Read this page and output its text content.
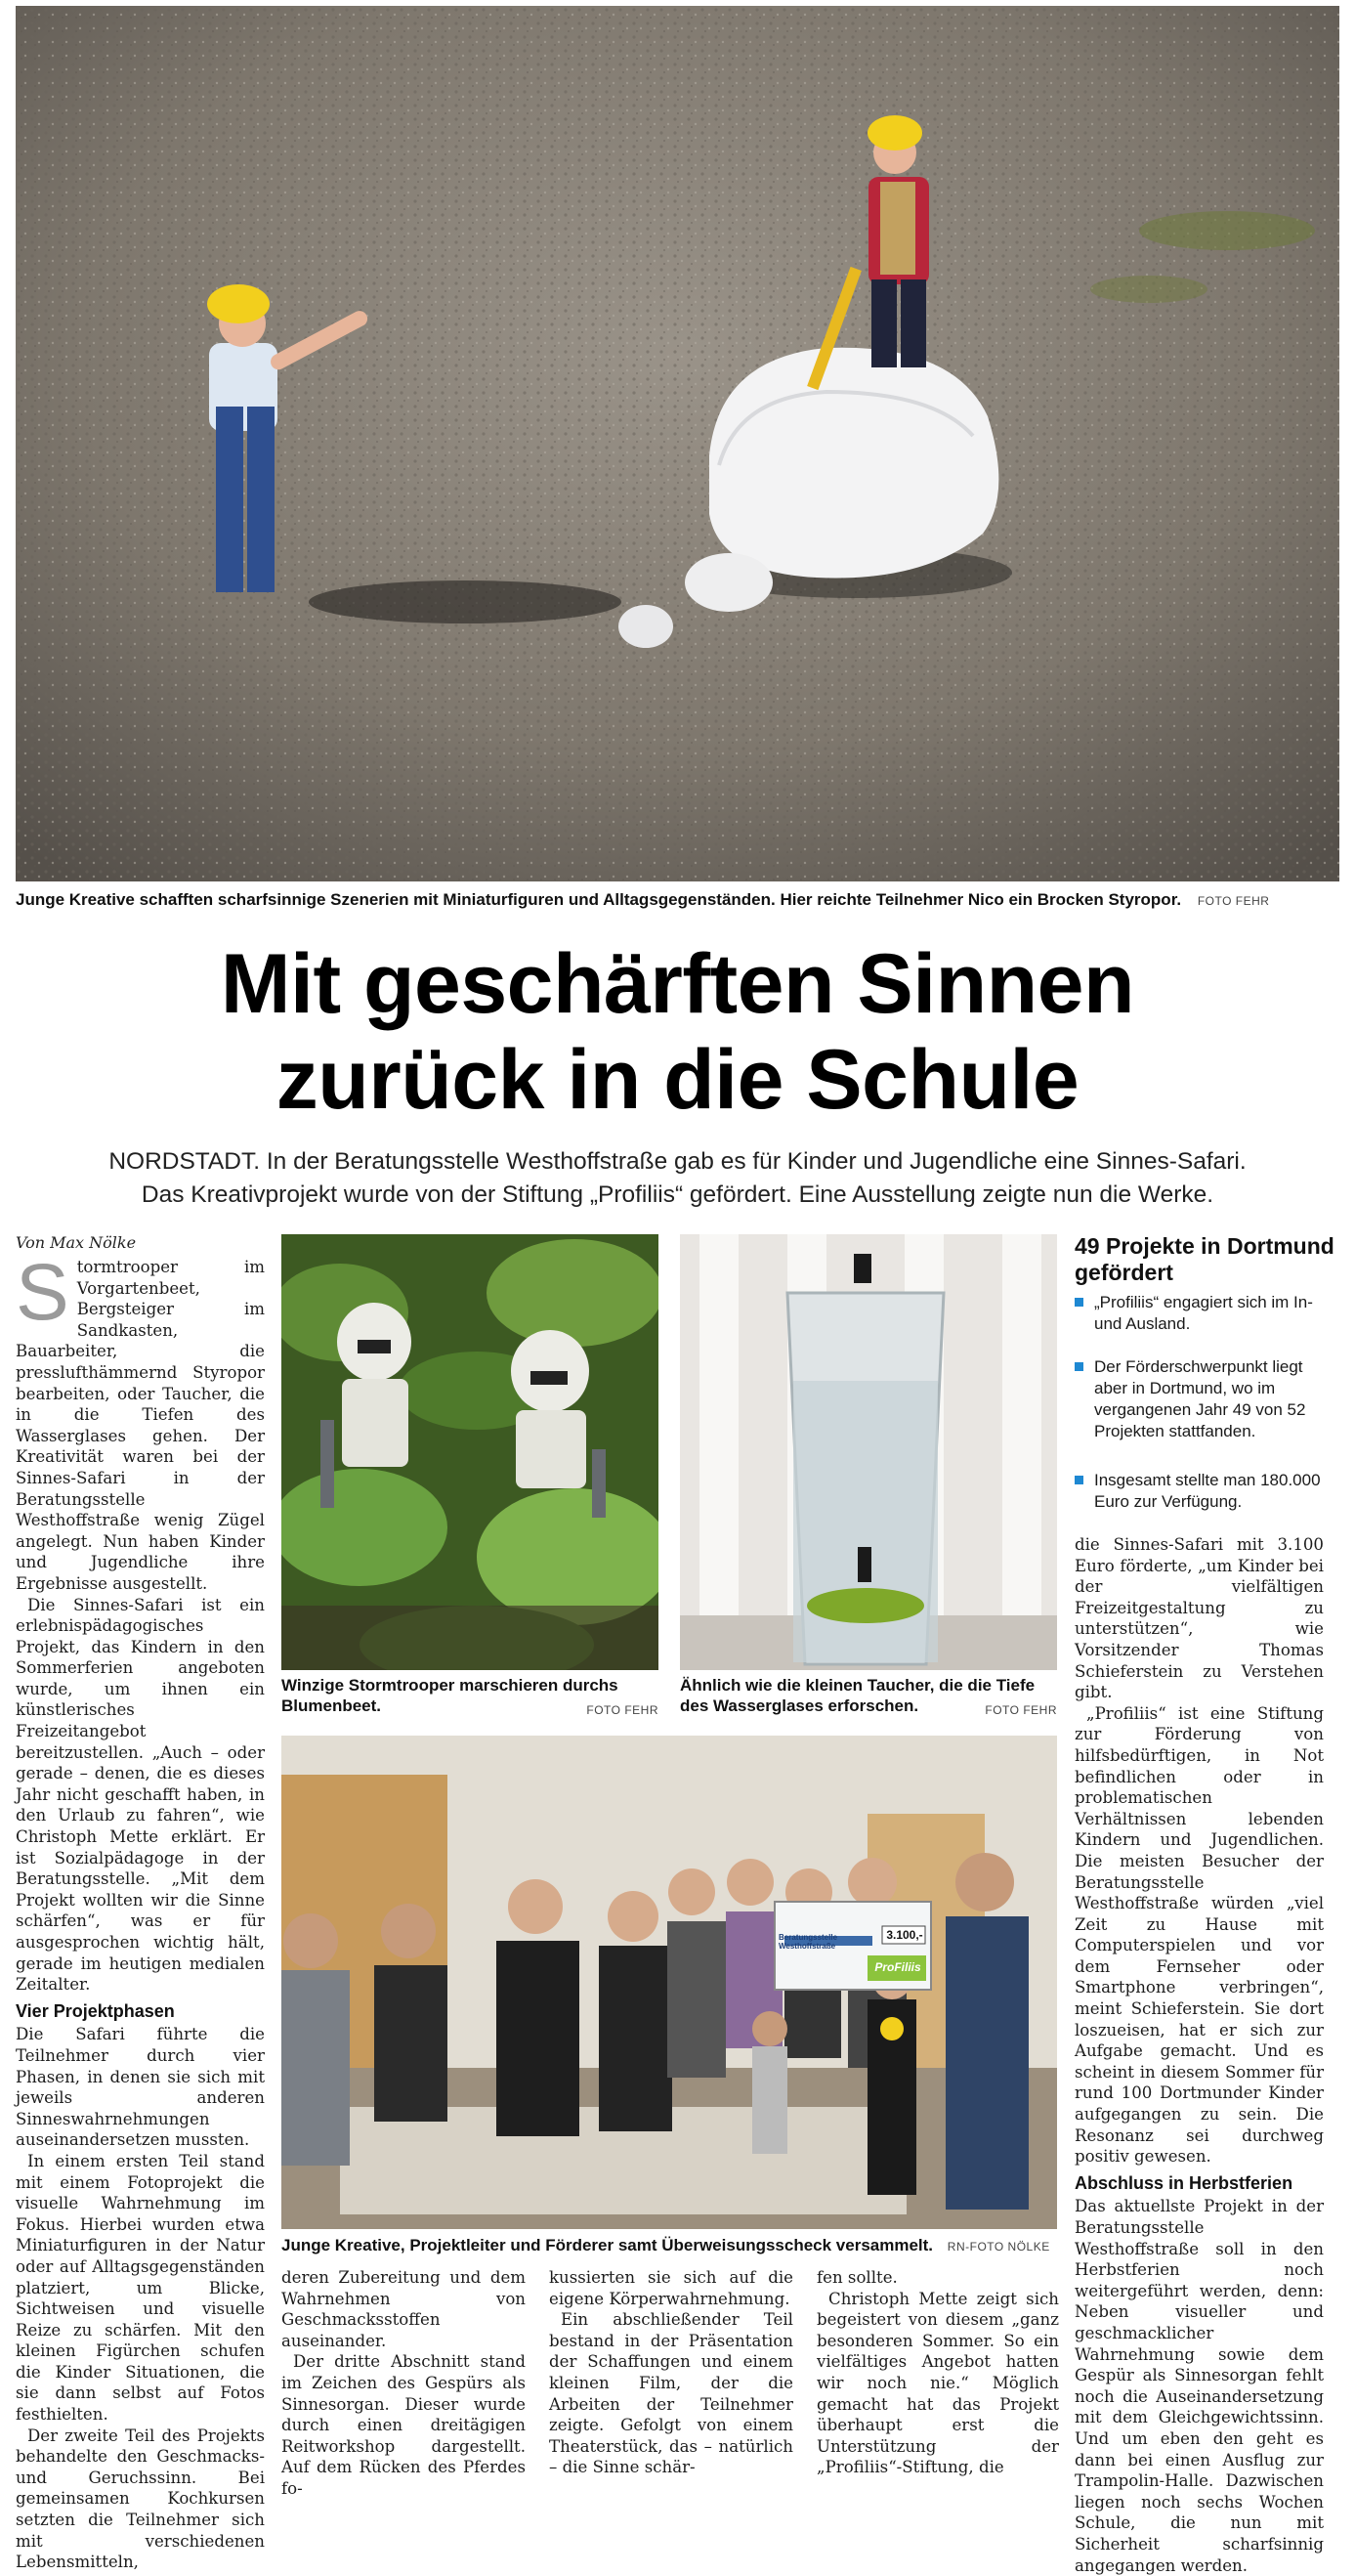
Junge Kreative schafften scharfsinnige Szenerien mit Miniaturfiguren und Alltagsgegenständen. Hier reichte Teilnehmer Nico ein Brocken Styropor. FOTO FEHR
Mit geschärften Sinnen
zurück in die Schule
NORDSTADT. In der Beratungsstelle Westhoffstraße gab es für Kinder und Jugendliche eine Sinnes-Safari.
Das Kreativprojekt wurde von der Stiftung „Profiliis“ gefördert. Eine Ausstellung zeigte nun die Werke.
Von Max Nölke

Stormtrooper im Vorgartenbeet, Bergsteiger im Sandkasten, Bauarbeiter, die presslufthämmernd Styropor bearbeiten, oder Taucher, die in die Tiefen des Wasserglases gehen. Der Kreativität waren bei der Sinnes-Safari in der Beratungsstelle Westhoffstraße wenig Zügel angelegt. Nun haben Kinder und Jugendliche ihre Ergebnisse ausgestellt.

Die Sinnes-Safari ist ein erlebnispädagogisches Projekt, das Kindern in den Sommerferien angeboten wurde, um ihnen ein künstlerisches Freizeitangebot bereitzustellen. „Auch – oder gerade – denen, die es dieses Jahr nicht geschafft haben, in den Urlaub zu fahren“, wie Christoph Mette erklärt. Er ist Sozialpädagoge in der Beratungsstelle. „Mit dem Projekt wollten wir die Sinne schärfen“, was er für ausgesprochen wichtig hält, gerade im heutigen medialen Zeitalter.

Vier Projektphasen

Die Safari führte die Teilnehmer durch vier Phasen, in denen sie sich mit jeweils anderen Sinneswahrnehmungen auseinandersetzen mussten.

In einem ersten Teil stand mit einem Fotoprojekt die visuelle Wahrnehmung im Fokus. Hierbei wurden etwa Miniaturfiguren in der Natur oder auf Alltagsgegenständen platziert, um Blicke, Sichtweisen und visuelle Reize zu schärfen. Mit den kleinen Figürchen schufen die Kinder Situationen, die sie dann selbst auf Fotos festhielten.

Der zweite Teil des Projekts behandelte den Geschmacks- und Geruchssinn. Bei gemeinsamen Kochkursen setzten die Teilnehmer sich mit verschiedenen Lebensmitteln,

Winzige Stormtrooper marschieren durchs Blumenbeet.	FOTO FEHR
Ähnlich wie die kleinen Taucher, die die Tiefe des Wasserglases erforschen.	FOTO FEHR
49 Projekte in Dortmund gefördert
„Profiliis“ engagiert sich im In- und Ausland.
Der Förderschwerpunkt liegt aber in Dortmund, wo im vergangenen Jahr 49 von 52 Projekten stattfanden.
Insgesamt stellte man 180.000 Euro zur Verfügung.

die Sinnes-Safari mit 3.100 Euro förderte, „um Kinder bei der vielfältigen Freizeitgestaltung zu unterstützen“, wie Vorsitzender Thomas Schieferstein zu Verstehen gibt.

„Profiliis“ ist eine Stiftung zur Förderung von hilfsbedürftigen, in Not befindlichen oder in problematischen Verhältnissen lebenden Kindern und Jugendlichen. Die meisten Besucher der Beratungsstelle Westhoffstraße würden „viel Zeit zu Hause mit Computerspielen und vor dem Fernseher oder Smartphone verbringen“, meint Schieferstein. Sie dort loszueisen, hat er sich zur Aufgabe gemacht. Und es scheint in diesem Sommer für rund 100 Dortmunder Kinder aufgegangen zu sein. Die Resonanz sei durchweg positiv gewesen.

Abschluss in Herbstferien

Das aktuellste Projekt in der Beratungsstelle Westhoffstraße soll in den Herbstferien noch weitergeführt werden, denn: Neben visueller und geschmacklicher Wahrnehmung sowie dem Gespür als Sinnesorgan fehlt noch die Auseinandersetzung mit dem Gleichgewichtssinn. Und um eben den geht es dann bei einen Ausflug zur Trampolin-Halle. Dazwischen liegen noch sechs Wochen Schule, die nun mit Sicherheit scharfsinnig angegangen werden.

Junge Kreative, Projektleiter und Förderer samt Überweisungsscheck versammelt. RN-FOTO NÖLKE

deren Zubereitung und dem Wahrnehmen von Geschmacksstoffen auseinander.

Der dritte Abschnitt stand im Zeichen des Gespürs als Sinnesorgan. Dieser wurde durch einen dreitägigen Reitworkshop dargestellt. Auf dem Rücken des Pferdes fo-

kussierten sie sich auf die eigene Körperwahrnehmung.

Ein abschließender Teil bestand in der Präsentation der Schaffungen und einem kleinen Film, der die Arbeiten der Teilnehmer zeigte. Gefolgt von einem Theaterstück, das – natürlich – die Sinne schär-

fen sollte.

Christoph Mette zeigt sich begeistert von diesem „ganz besonderen Sommer. So ein vielfältiges Angebot hatten wir noch nie.“ Möglich gemacht hat das Projekt überhaupt erst die Unterstützung der „Profiliis“-Stiftung, die

Beratungsstelle Westhoffstraße
3.100,-
ProFiliis
